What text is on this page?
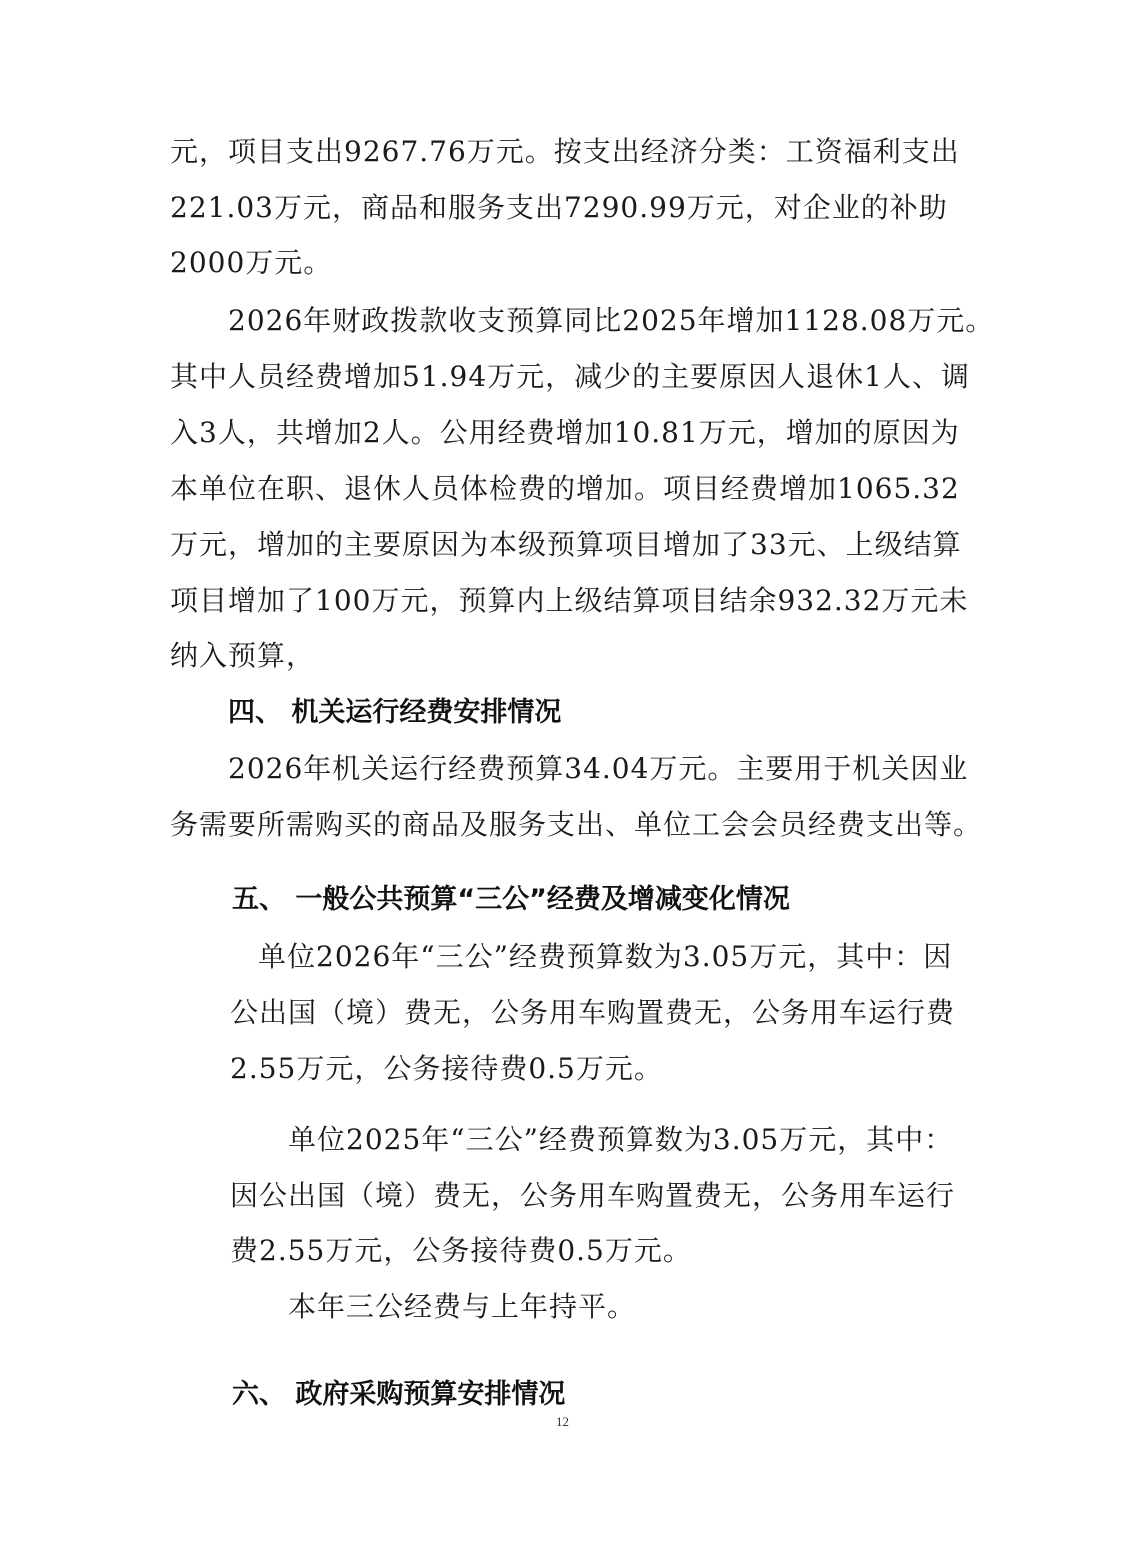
元，项目支出9267.76万元。按支出经济分类：工资福利支出
221.03万元，商品和服务支出7290.99万元，对企业的补助
2000万元。
2026年财政拨款收支预算同比2025年增加1128.08万元。
其中人员经费增加51.94万元，减少的主要原因人退休1人、调
入3人，共增加2人。公用经费增加10.81万元，增加的原因为
本单位在职、退休人员体检费的增加。项目经费增加1065.32
万元，增加的主要原因为本级预算项目增加了33元、上级结算
项目增加了100万元，预算内上级结算项目结余932.32万元未
纳入预算，
四、 机关运行经费安排情况
2026年机关运行经费预算34.04万元。主要用于机关因业
务需要所需购买的商品及服务支出、单位工会会员经费支出等。
五、 一般公共预算“三公”经费及增减变化情况
单位2026年“三公”经费预算数为3.05万元，其中：因
公出国（境）费无，公务用车购置费无，公务用车运行费
2.55万元，公务接待费0.5万元。
单位2025年“三公”经费预算数为3.05万元，其中：
因公出国（境）费无，公务用车购置费无，公务用车运行
费2.55万元，公务接待费0.5万元。
本年三公经费与上年持平。
六、 政府采购预算安排情况
12
